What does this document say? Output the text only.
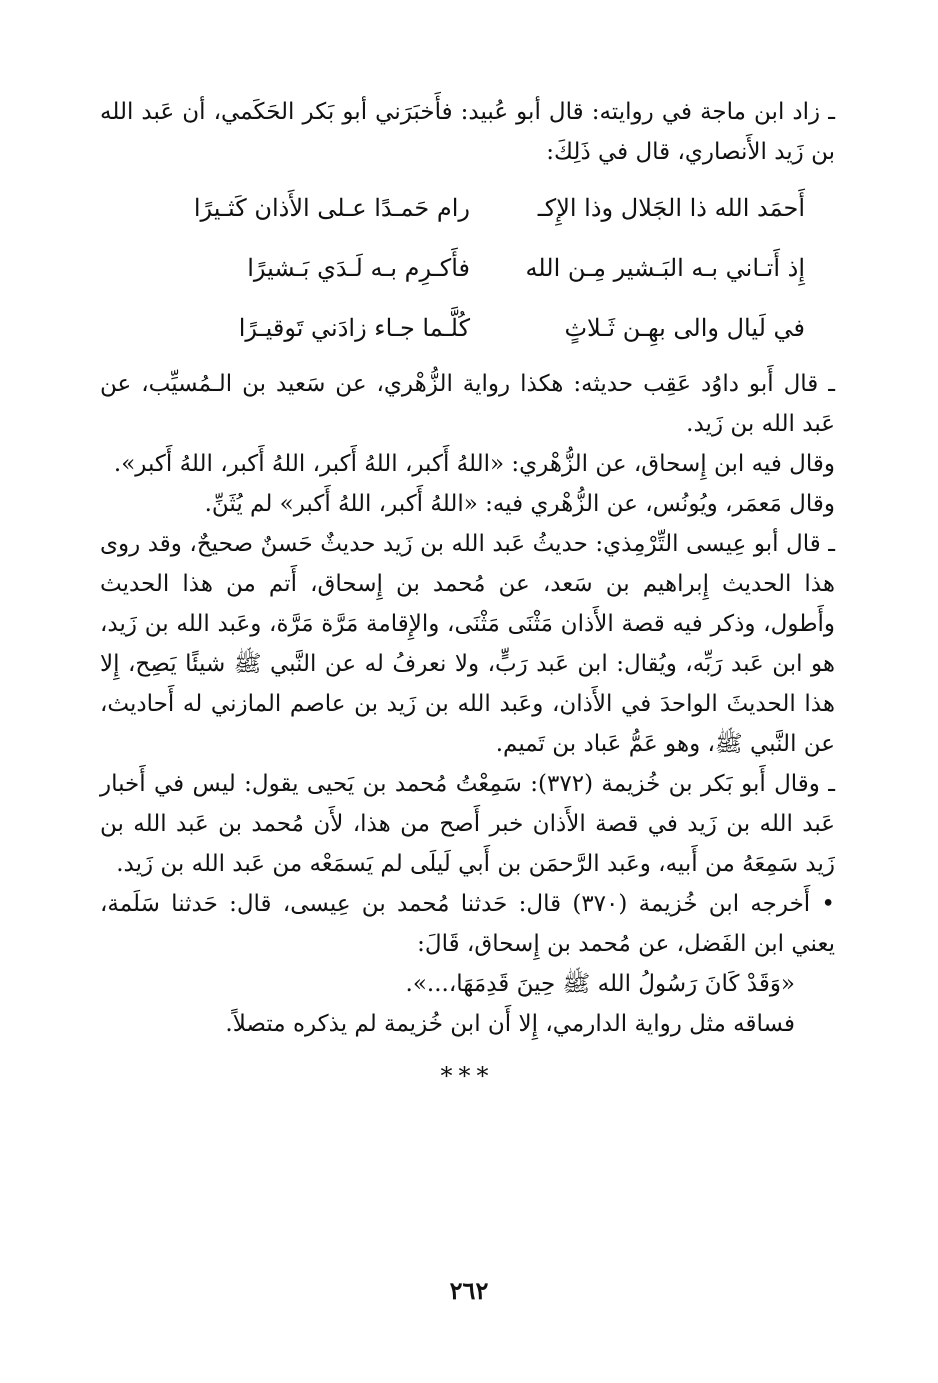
ـ زاد ابن ماجة في روايته: قال أبو عُبيد: فأَخبَرَني أبو بَكر الحَكَمي، أن عَبد الله بن زَيد الأَنصاري، قال في ذَلِكَ:

أَحمَد الله ذا الجَلال وذا الإِكـ
رام حَمـدًا عـلى الأَذان كَثـيرًا
إِذ أَتـاني بـه البَـشير مِـن الله
فأَكـرِم بـه لَـدَي بَـشيرًا
في لَيال والى بهِـن ثَـلاثٍ
كُلَّـما جـاء زادَني تَوقيـرًا

ـ قال أَبو داوُد عَقِب حديثه: هكذا رواية الزُّهْري، عن سَعيد بن الـمُسيِّب، عن عَبد الله بن زَيد.

وقال فيه ابن إِسحاق، عن الزُّهْري: «اللهُ أَكبر، اللهُ أَكبر، اللهُ أَكبر، اللهُ أَكبر».

وقال مَعمَر، ويُونُس، عن الزُّهْري فيه: «اللهُ أَكبر، اللهُ أَكبر» لم يُثَنِّ.

ـ قال أبو عِيسى التِّرْمِذي: حديثُ عَبد الله بن زَيد حديثٌ حَسنٌ صحيحٌ، وقد روى هذا الحديث إِبراهيم بن سَعد، عن مُحمد بن إِسحاق، أَتم من هذا الحديث وأَطول، وذكر فيه قصة الأَذان مَثْنَى مَثْنَى، والإِقامة مَرَّة مَرَّة، وعَبد الله بن زَيد، هو ابن عَبد رَبِّه، ويُقال: ابن عَبد رَبٍّ، ولا نعرفُ له عن النَّبي ﷺ شيئًا يَصِح، إِلا هذا الحديثَ الواحدَ في الأَذان، وعَبد الله بن زَيد بن عاصم المازني له أَحاديث، عن النَّبي ﷺ، وهو عَمُّ عَباد بن تَميم.

ـ وقال أَبو بَكر بن خُزيمة (٣٧٢): سَمِعْتُ مُحمد بن يَحيى يقول: ليس في أَخبار عَبد الله بن زَيد في قصة الأَذان خبر أَصح من هذا، لأَن مُحمد بن عَبد الله بن زَيد سَمِعَهُ من أَبيه، وعَبد الرَّحمَن بن أَبي لَيلَى لم يَسمَعْه من عَبد الله بن زَيد.

• أَخرجه ابن خُزيمة (٣٧٠) قال: حَدثنا مُحمد بن عِيسى، قال: حَدثنا سَلَمة، يعني ابن الفَضل، عن مُحمد بن إِسحاق، قَالَ:

«وَقَدْ كَانَ رَسُولُ الله ﷺ حِينَ قَدِمَهَا،...».

فساقه مثل رواية الدارمي، إِلا أَن ابن خُزيمة لم يذكره متصلاً.

***
٢٦٢
